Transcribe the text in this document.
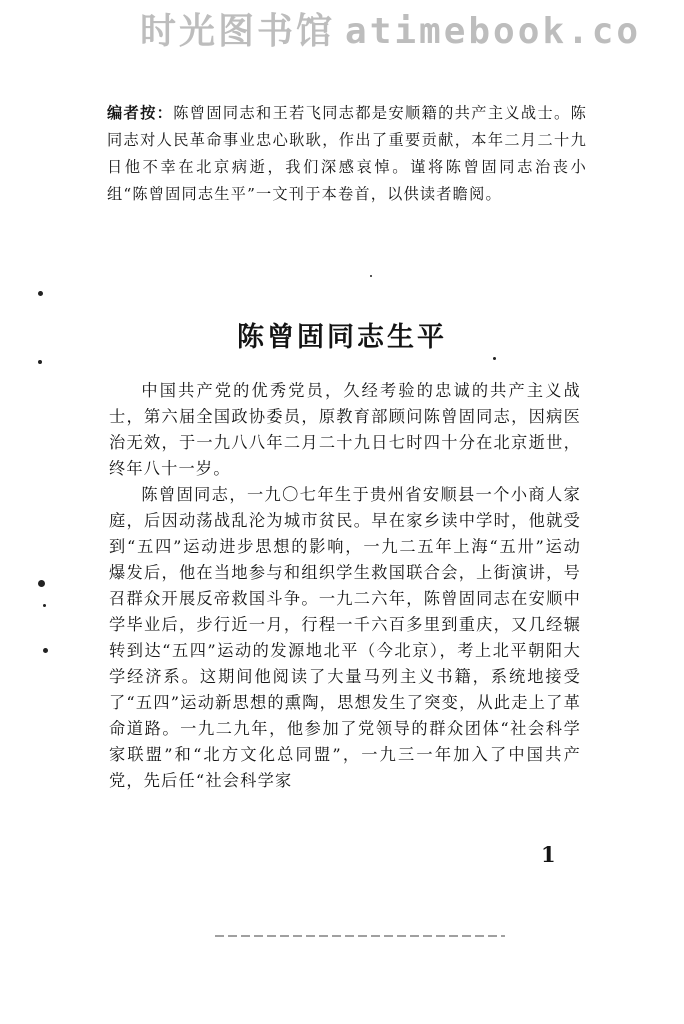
时光图书馆 atimebook.co
编者按：陈曾固同志和王若飞同志都是安顺籍的共产主义战士。陈同志对人民革命事业忠心耿耿，作出了重要贡献，本年二月二十九日他不幸在北京病逝，我们深感哀悼。谨将陈曾固同志治丧小组“陈曾固同志生平”一文刊于本卷首，以供读者瞻阅。
陈曾固同志生平

中国共产党的优秀党员，久经考验的忠诚的共产主义战士，第六届全国政协委员，原教育部顾问陈曾固同志，因病医治无效，于一九八八年二月二十九日七时四十分在北京逝世，终年八十一岁。

陈曾固同志，一九〇七年生于贵州省安顺县一个小商人家庭，后因动荡战乱沦为城市贫民。早在家乡读中学时，他就受到“五四”运动进步思想的影响，一九二五年上海“五卅”运动爆发后，他在当地参与和组织学生救国联合会，上街演讲，号召群众开展反帝救国斗争。一九二六年，陈曾固同志在安顺中学毕业后，步行近一月，行程一千六百多里到重庆，又几经辗转到达“五四”运动的发源地北平（今北京），考上北平朝阳大学经济系。这期间他阅读了大量马列主义书籍，系统地接受了“五四”运动新思想的熏陶，思想发生了突变，从此走上了革命道路。一九二九年，他参加了党领导的群众团体“社会科学家联盟”和“北方文化总同盟”，一九三一年加入了中国共产党，先后任“社会科学家

1
